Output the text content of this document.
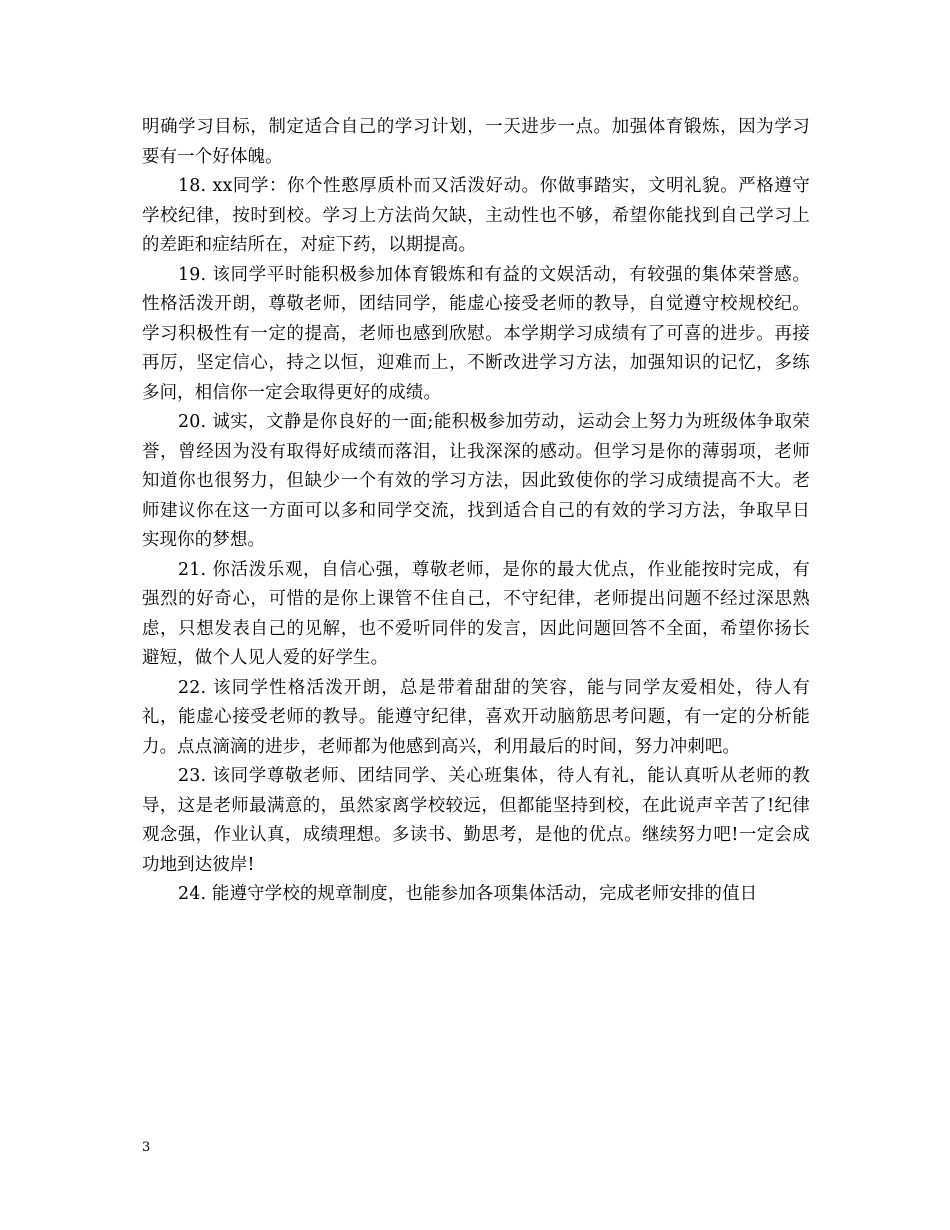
明确学习目标，制定适合自己的学习计划，一天进步一点。加强体育锻炼，因为学习要有一个好体魄。

18. xx同学：你个性憨厚质朴而又活泼好动。你做事踏实，文明礼貌。严格遵守学校纪律，按时到校。学习上方法尚欠缺，主动性也不够，希望你能找到自己学习上的差距和症结所在，对症下药，以期提高。

19. 该同学平时能积极参加体育锻炼和有益的文娱活动，有较强的集体荣誉感。性格活泼开朗，尊敬老师，团结同学，能虚心接受老师的教导，自觉遵守校规校纪。学习积极性有一定的提高，老师也感到欣慰。本学期学习成绩有了可喜的进步。再接再厉，坚定信心，持之以恒，迎难而上，不断改进学习方法，加强知识的记忆，多练多问，相信你一定会取得更好的成绩。

20. 诚实，文静是你良好的一面;能积极参加劳动，运动会上努力为班级体争取荣誉，曾经因为没有取得好成绩而落泪，让我深深的感动。但学习是你的薄弱项，老师知道你也很努力，但缺少一个有效的学习方法，因此致使你的学习成绩提高不大。老师建议你在这一方面可以多和同学交流，找到适合自己的有效的学习方法，争取早日实现你的梦想。

21. 你活泼乐观，自信心强，尊敬老师，是你的最大优点，作业能按时完成，有强烈的好奇心，可惜的是你上课管不住自己，不守纪律，老师提出问题不经过深思熟虑，只想发表自己的见解，也不爱听同伴的发言，因此问题回答不全面，希望你扬长避短，做个人见人爱的好学生。

22. 该同学性格活泼开朗，总是带着甜甜的笑容，能与同学友爱相处，待人有礼，能虚心接受老师的教导。能遵守纪律，喜欢开动脑筋思考问题，有一定的分析能力。点点滴滴的进步，老师都为他感到高兴，利用最后的时间，努力冲刺吧。

23. 该同学尊敬老师、团结同学、关心班集体，待人有礼，能认真听从老师的教导，这是老师最满意的，虽然家离学校较远，但都能坚持到校，在此说声辛苦了!纪律观念强，作业认真，成绩理想。多读书、勤思考，是他的优点。继续努力吧!一定会成功地到达彼岸!

24. 能遵守学校的规章制度，也能参加各项集体活动，完成老师安排的值日

3
